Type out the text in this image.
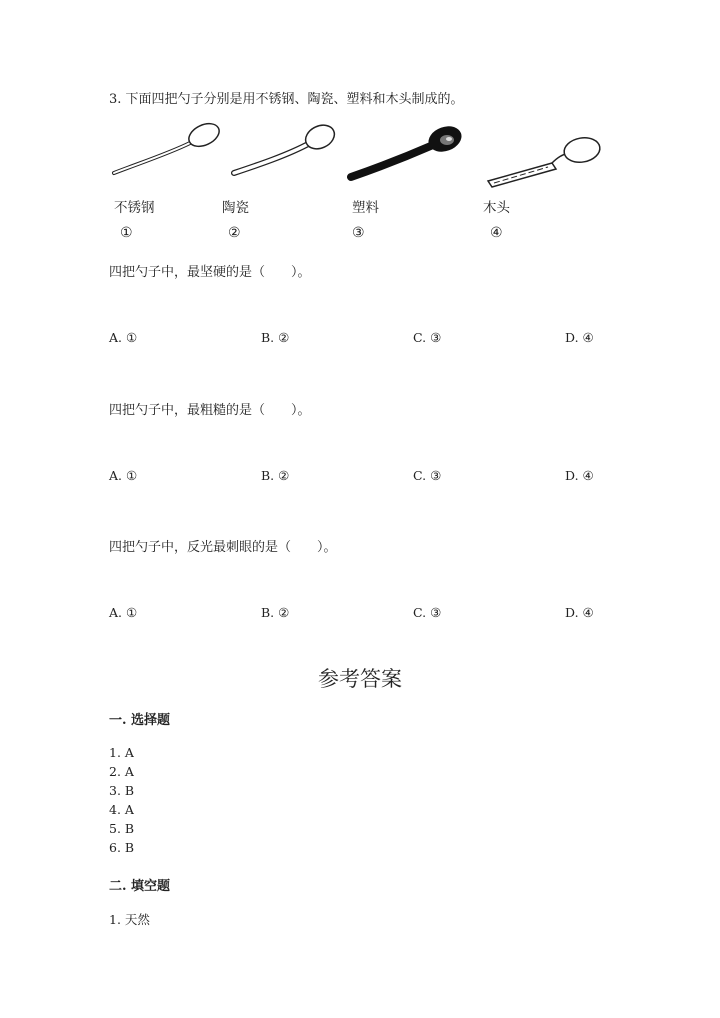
3. 下面四把勺子分别是用不锈钢、陶瓷、塑料和木头制成的。
不锈钢	陶瓷	塑料	木头
①	②	③	④
四把勺子中，最坚硬的是（　　）。
A. ①	B. ②	C. ③	D. ④
四把勺子中，最粗糙的是（　　）。
A. ①	B. ②	C. ③	D. ④
四把勺子中，反光最刺眼的是（　　）。
A. ①	B. ②	C. ③	D. ④
参考答案
一. 选择题
1. A
2. A
3. B
4. A
5. B
6. B
二. 填空题
1. 天然
